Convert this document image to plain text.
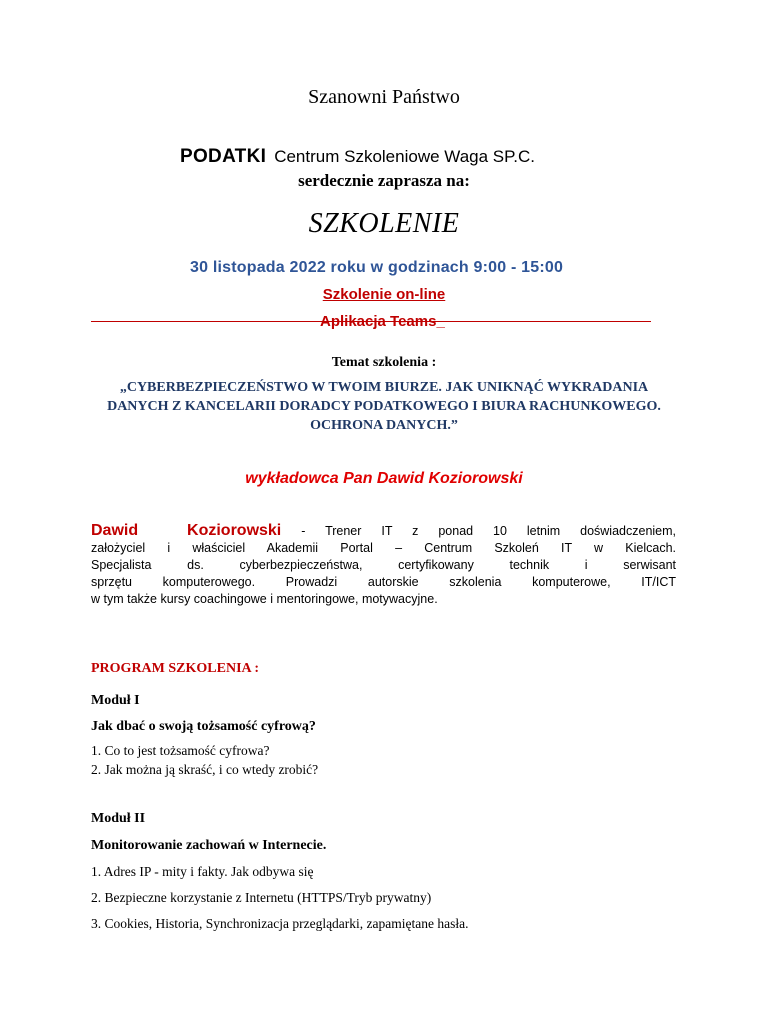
Szanowni Państwo
PODATKI Centrum Szkoleniowe Waga SP.C.
serdecznie zaprasza na:
SZKOLENIE
30 listopada 2022 roku w godzinach 9:00 - 15:00
Szkolenie on-line
Aplikacja Teams_
Temat szkolenia :
„CYBERBEZPIECZEŃSTWO W TWOIM BIURZE. JAK UNIKNĄĆ WYKRADANIA DANYCH Z KANCELARII DORADCY PODATKOWEGO I BIURA RACHUNKOWEGO. OCHRONA DANYCH.”
wykładowca Pan Dawid Koziorowski
Dawid Koziorowski - Trener IT z ponad 10 letnim doświadczeniem,
założyciel i właściciel Akademii Portal – Centrum Szkoleń IT w Kielcach.
Specjalista ds. cyberbezpieczeństwa, certyfikowany technik i serwisant
sprzętu komputerowego. Prowadzi autorskie szkolenia komputerowe, IT/ICT
w tym także kursy coachingowe i mentoringowe, motywacyjne.
PROGRAM SZKOLENIA :
Moduł I
Jak dbać o swoją tożsamość cyfrową?
1. Co to jest tożsamość cyfrowa?
2. Jak można ją skraść, i co wtedy zrobić?
Moduł II
Monitorowanie zachowań w Internecie.
1. Adres IP - mity i fakty. Jak odbywa się
2. Bezpieczne korzystanie z Internetu (HTTPS/Tryb prywatny)
3. Cookies, Historia, Synchronizacja przeglądarki, zapamiętane hasła.
